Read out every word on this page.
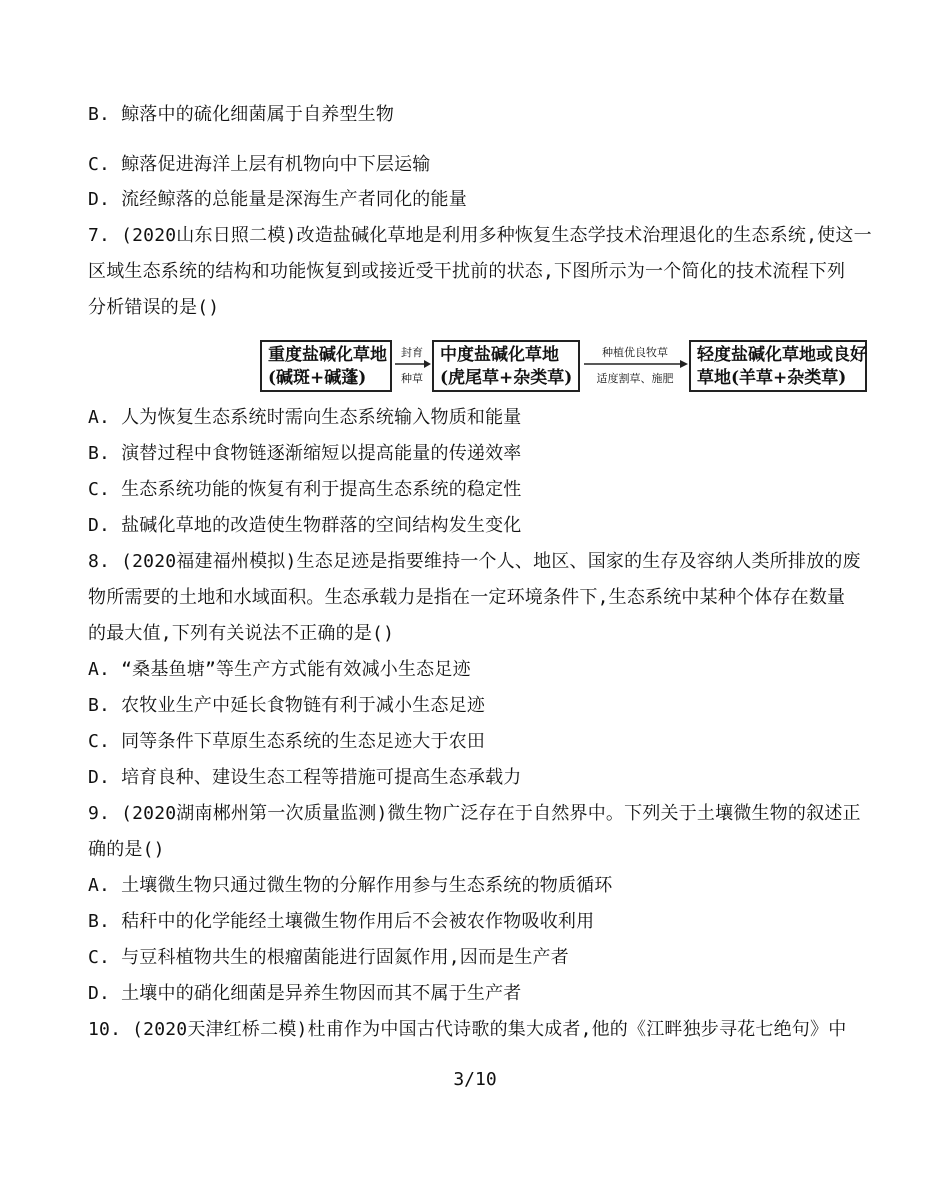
B. 鲸落中的硫化细菌属于自养型生物
C. 鲸落促进海洋上层有机物向中下层运输
D. 流经鲸落的总能量是深海生产者同化的能量
7. (2020山东日照二模)改造盐碱化草地是利用多种恢复生态学技术治理退化的生态系统,使这一
区域生态系统的结构和功能恢复到或接近受干扰前的状态,下图所示为一个简化的技术流程下列
分析错误的是()
重度盐碱化草地
(碱斑+碱蓬)
封育
种草
中度盐碱化草地
(虎尾草+杂类草)
种植优良牧草
适度割草、施肥
轻度盐碱化草地或良好
草地(羊草+杂类草)
A. 人为恢复生态系统时需向生态系统输入物质和能量
B. 演替过程中食物链逐渐缩短以提高能量的传递效率
C. 生态系统功能的恢复有利于提高生态系统的稳定性
D. 盐碱化草地的改造使生物群落的空间结构发生变化
8. (2020福建福州模拟)生态足迹是指要维持一个人、地区、国家的生存及容纳人类所排放的废
物所需要的土地和水域面积。生态承载力是指在一定环境条件下,生态系统中某种个体存在数量
的最大值,下列有关说法不正确的是()
A. “桑基鱼塘”等生产方式能有效减小生态足迹
B. 农牧业生产中延长食物链有利于减小生态足迹
C. 同等条件下草原生态系统的生态足迹大于农田
D. 培育良种、建设生态工程等措施可提高生态承载力
9. (2020湖南郴州第一次质量监测)微生物广泛存在于自然界中。下列关于土壤微生物的叙述正
确的是()
A. 土壤微生物只通过微生物的分解作用参与生态系统的物质循环
B. 秸秆中的化学能经土壤微生物作用后不会被农作物吸收利用
C. 与豆科植物共生的根瘤菌能进行固氮作用,因而是生产者
D. 土壤中的硝化细菌是异养生物因而其不属于生产者
10. (2020天津红桥二模)杜甫作为中国古代诗歌的集大成者,他的《江畔独步寻花七绝句》中
3/10
